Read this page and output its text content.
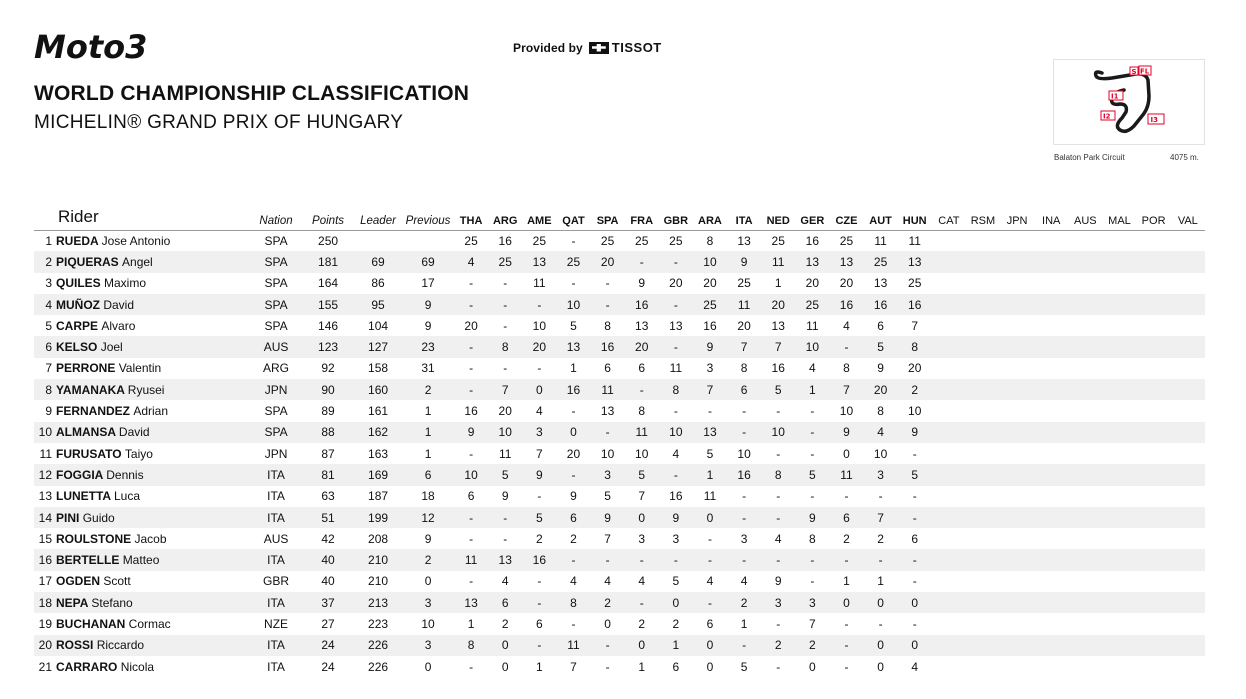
Moto3	Provided by TISSOT
WORLD CHAMPIONSHIP CLASSIFICATION
MICHELIN® GRAND PRIX OF HUNGARY
S FL
I1
I2	I3
Balaton Park Circuit	4075 m.
Rider		Nation	Points	Leader	Previous	THA	ARG	AME	QAT	SPA	FRA	GBR	ARA	ITA	NED	GER	CZE	AUT	HUN	CAT	RSM	JPN	INA	AUS	MAL	POR	VAL
1	RUEDA Jose Antonio	SPA	250			25	16	25	-	25	25	25	8	13	25	16	25	11	11								
2	PIQUERAS Angel	SPA	181	69	69	4	25	13	25	20	-	-	10	9	11	13	13	25	13								
3	QUILES Maximo	SPA	164	86	17	-	-	11	-	-	9	20	20	25	1	20	20	13	25								
4	MUÑOZ David	SPA	155	95	9	-	-	-	10	-	16	-	25	11	20	25	16	16	16								
5	CARPE Alvaro	SPA	146	104	9	20	-	10	5	8	13	13	16	20	13	11	4	6	7								
6	KELSO Joel	AUS	123	127	23	-	8	20	13	16	20	-	9	7	7	10	-	5	8								
7	PERRONE Valentin	ARG	92	158	31	-	-	-	1	6	6	11	3	8	16	4	8	9	20								
8	YAMANAKA Ryusei	JPN	90	160	2	-	7	0	16	11	-	8	7	6	5	1	7	20	2								
9	FERNANDEZ Adrian	SPA	89	161	1	16	20	4	-	13	8	-	-	-	-	-	10	8	10								
10	ALMANSA David	SPA	88	162	1	9	10	3	0	-	11	10	13	-	10	-	9	4	9								
11	FURUSATO Taiyo	JPN	87	163	1	-	11	7	20	10	10	4	5	10	-	-	0	10	-								
12	FOGGIA Dennis	ITA	81	169	6	10	5	9	-	3	5	-	1	16	8	5	11	3	5								
13	LUNETTA Luca	ITA	63	187	18	6	9	-	9	5	7	16	11	-	-	-	-	-	-								
14	PINI Guido	ITA	51	199	12	-	-	5	6	9	0	9	0	-	-	9	6	7	-								
15	ROULSTONE Jacob	AUS	42	208	9	-	-	2	2	7	3	3	-	3	4	8	2	2	6								
16	BERTELLE Matteo	ITA	40	210	2	11	13	16	-	-	-	-	-	-	-	-	-	-	-								
17	OGDEN Scott	GBR	40	210	0	-	4	-	4	4	4	5	4	4	9	-	1	1	-								
18	NEPA Stefano	ITA	37	213	3	13	6	-	8	2	-	0	-	2	3	3	0	0	0								
19	BUCHANAN Cormac	NZE	27	223	10	1	2	6	-	0	2	2	6	1	-	7	-	-	-								
20	ROSSI Riccardo	ITA	24	226	3	8	0	-	11	-	0	1	0	-	2	2	-	0	0								
21	CARRARO Nicola	ITA	24	226	0	-	0	1	7	-	1	6	0	5	-	0	-	0	4								
